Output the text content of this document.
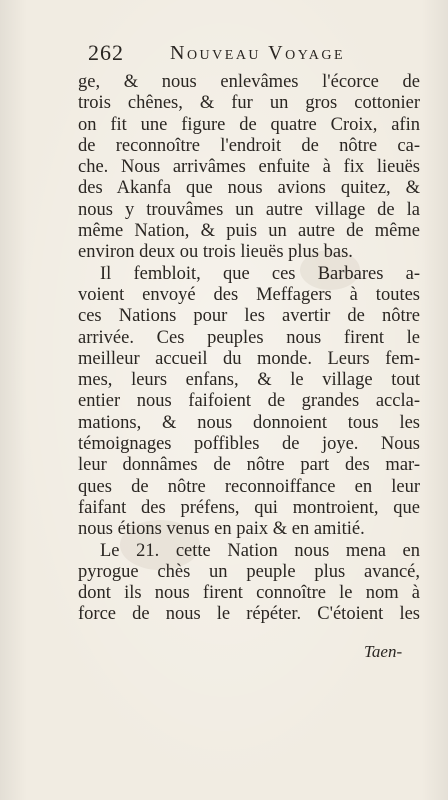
262 Nouveau Voyage
ge, & nous enlevâmes l'écorce de
trois chênes, & fur un gros cottonier
on fit une figure de quatre Croix, afin
de reconnoître l'endroit de nôtre ca-
che. Nous arrivâmes enfuite à fix lieuës
des Akanfa que nous avions quitez, &
nous y trouvâmes un autre village de la
même Nation, & puis un autre de même
environ deux ou trois lieuës plus bas.
Il fembloit, que ces Barbares a-
voient envoyé des Meffagers à toutes
ces Nations pour les avertir de nôtre
arrivée. Ces peuples nous firent le
meilleur accueil du monde. Leurs fem-
mes, leurs enfans, & le village tout
entier nous faifoient de grandes accla-
mations, & nous donnoient tous les
témoignages poffibles de joye. Nous
leur donnâmes de nôtre part des mar-
ques de nôtre reconnoiffance en leur
faifant des préfens, qui montroient, que
nous étions venus en paix & en amitié.
Le 21. cette Nation nous mena en
pyrogue chès un peuple plus avancé,
dont ils nous firent connoître le nom à
force de nous le répéter. C'étoient les
Taen-
